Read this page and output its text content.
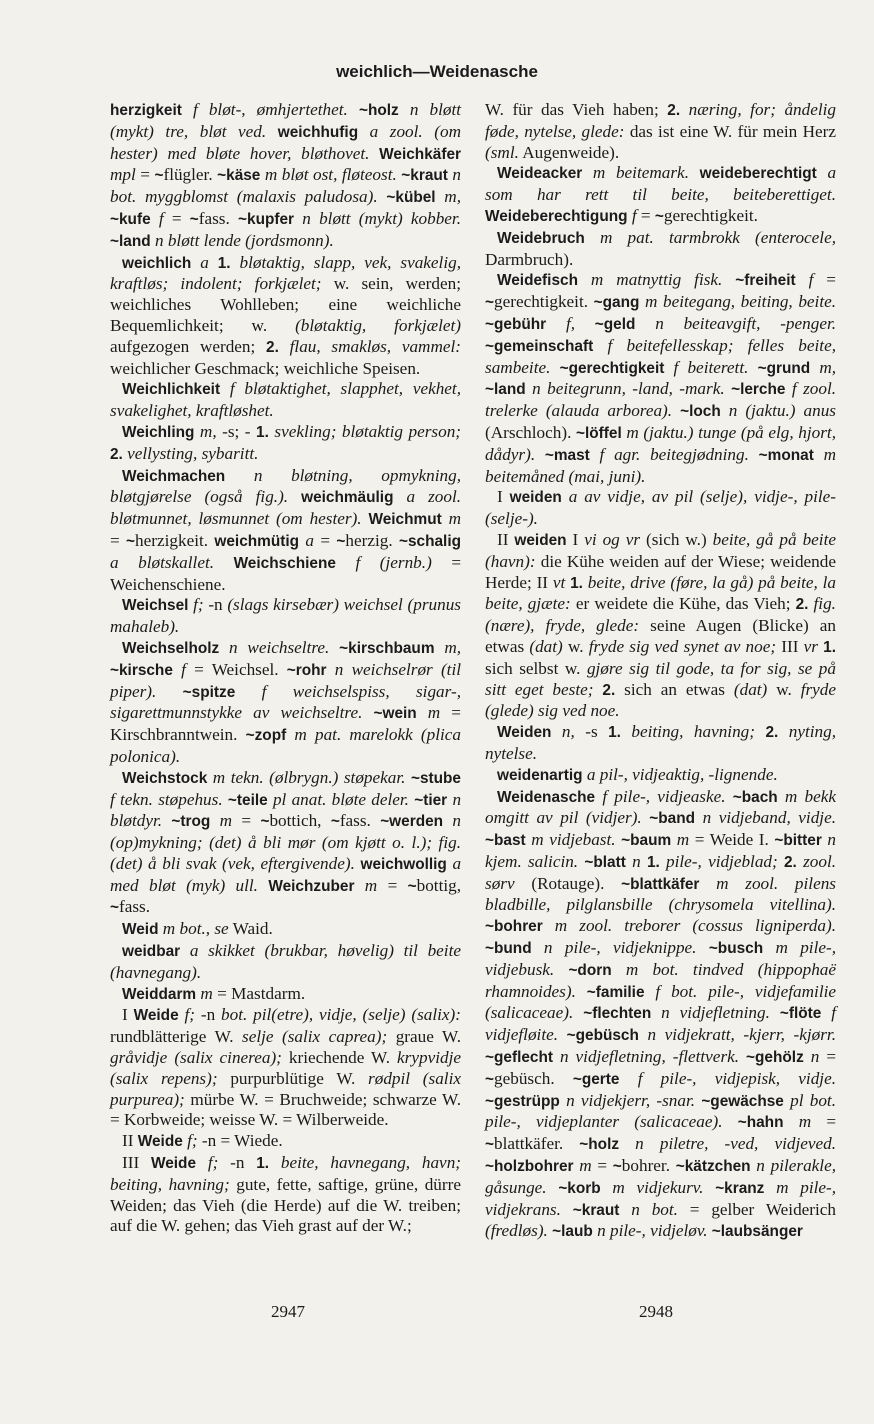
weichlich—Weidenasche

herzigkeit f bløt-, ømhjertethet. ~holz n bløtt (mykt) tre, bløt ved. weichhufig a zool. (om hester) med bløte hover, bløthovet. Weichkäfer mpl = ~flügler. ~käse m bløt ost, fløteost. ~kraut n bot. myggblomst (malaxis paludosa). ~kübel m, ~kufe f = ~fass. ~kupfer n bløtt (mykt) kobber. ~land n bløtt lende (jordsmonn).

weichlich a 1. bløtaktig, slapp, vek, svakelig, kraftløs; indolent; forkjælet; w. sein, werden; weichliches Wohlleben; eine weichliche Bequemlichkeit; w. (bløtaktig, forkjælet) aufgezogen werden; 2. flau, smakløs, vammel: weichlicher Geschmack; weichliche Speisen.

Weichlichkeit f bløtaktighet, slapphet, vekhet, svakelighet, kraftløshet.

Weichling m, -s; - 1. svekling; bløtaktig person; 2. vellysting, sybaritt.

Weichmachen n bløtning, opmykning, bløtgjørelse (også fig.). weichmäulig a zool. bløtmunnet, løsmunnet (om hester). Weichmut m = ~herzigkeit. weichmütig a = ~herzig. ~schalig a bløtskallet. Weichschiene f (jernb.) = Weichenschiene.

Weichsel f; -n (slags kirsebær) weichsel (prunus mahaleb).

Weichselholz n weichseltre. ~kirschbaum m, ~kirsche f = Weichsel. ~rohr n weichselrør (til piper). ~spitze f weichselspiss, sigar-, sigarettmunnstykke av weichseltre. ~wein m = Kirschbranntwein. ~zopf m pat. marelokk (plica polonica).

Weichstock m tekn. (ølbrygn.) støpekar. ~stube f tekn. støpehus. ~teile pl anat. bløte deler. ~tier n bløtdyr. ~trog m = ~bottich, ~fass. ~werden n (op)mykning; (det) å bli mør (om kjøtt o. l.); fig. (det) å bli svak (vek, eftergivende). weichwollig a med bløt (myk) ull. Weichzuber m = ~bottig, ~fass.

Weid m bot., se Waid.

weidbar a skikket (brukbar, høvelig) til beite (havnegang).

Weiddarm m = Mastdarm.

I Weide f; -n bot. pil(etre), vidje, (selje) (salix): rundblätterige W. selje (salix caprea); graue W. gråvidje (salix cinerea); kriechende W. krypvidje (salix repens); purpurblütige W. rødpil (salix purpurea); mürbe W. = Bruchweide; schwarze W. = Korbweide; weisse W. = Wilberweide.

II Weide f; -n = Wiede.

III Weide f; -n 1. beite, havnegang, havn; beiting, havning; gute, fette, saftige, grüne, dürre Weiden; das Vieh (die Herde) auf die W. treiben; auf die W. gehen; das Vieh grast auf der W.;

W. für das Vieh haben; 2. næring, for; åndelig føde, nytelse, glede: das ist eine W. für mein Herz (sml. Augenweide).

Weideacker m beitemark. weideberechtigt a som har rett til beite, beiteberettiget. Weideberechtigung f = ~gerechtigkeit.

Weidebruch m pat. tarmbrokk (enterocele, Darmbruch).

Weidefisch m matnyttig fisk. ~freiheit f = ~gerechtigkeit. ~gang m beitegang, beiting, beite. ~gebühr f, ~geld n beiteavgift, -penger. ~gemeinschaft f beitefellesskap; felles beite, sambeite. ~gerechtigkeit f beiterett. ~grund m, ~land n beitegrunn, -land, -mark. ~lerche f zool. trelerke (alauda arborea). ~loch n (jaktu.) anus (Arschloch). ~löffel m (jaktu.) tunge (på elg, hjort, dådyr). ~mast f agr. beitegjødning. ~monat m beitemåned (mai, juni).

I weiden a av vidje, av pil (selje), vidje-, pile- (selje-).

II weiden I vi og vr (sich w.) beite, gå på beite (havn): die Kühe weiden auf der Wiese; weidende Herde; II vt 1. beite, drive (føre, la gå) på beite, la beite, gjæte: er weidete die Kühe, das Vieh; 2. fig. (nære), fryde, glede: seine Augen (Blicke) an etwas (dat) w. fryde sig ved synet av noe; III vr 1. sich selbst w. gjøre sig til gode, ta for sig, se på sitt eget beste; 2. sich an etwas (dat) w. fryde (glede) sig ved noe.

Weiden n, -s 1. beiting, havning; 2. nyting, nytelse.

weidenartig a pil-, vidjeaktig, -lignende.

Weidenasche f pile-, vidjeaske. ~bach m bekk omgitt av pil (vidjer). ~band n vidjeband, vidje. ~bast m vidjebast. ~baum m = Weide I. ~bitter n kjem. salicin. ~blatt n 1. pile-, vidjeblad; 2. zool. sørv (Rotauge). ~blattkäfer m zool. pilens bladbille, pilglansbille (chrysomela vitellina). ~bohrer m zool. treborer (cossus ligniperda). ~bund n pile-, vidjeknippe. ~busch m pile-, vidjebusk. ~dorn m bot. tindved (hippophaë rhamnoides). ~familie f bot. pile-, vidjefamilie (salicaceae). ~flechten n vidjefletning. ~flöte f vidjefløite. ~gebüsch n vidjekratt, -kjerr, -kjørr. ~geflecht n vidjefletning, -flettverk. ~gehölz n = ~gebüsch. ~gerte f pile-, vidjepisk, vidje. ~gestrüpp n vidjekjerr, -snar. ~gewächse pl bot. pile-, vidjeplanter (salicaceae). ~hahn m = ~blattkäfer. ~holz n piletre, -ved, vidjeved. ~holzbohrer m = ~bohrer. ~kätzchen n pilerakle, gåsunge. ~korb m vidjekurv. ~kranz m pile-, vidjekrans. ~kraut n bot. = gelber Weiderich (fredløs). ~laub n pile-, vidjeløv. ~laubsänger

2947	2948
